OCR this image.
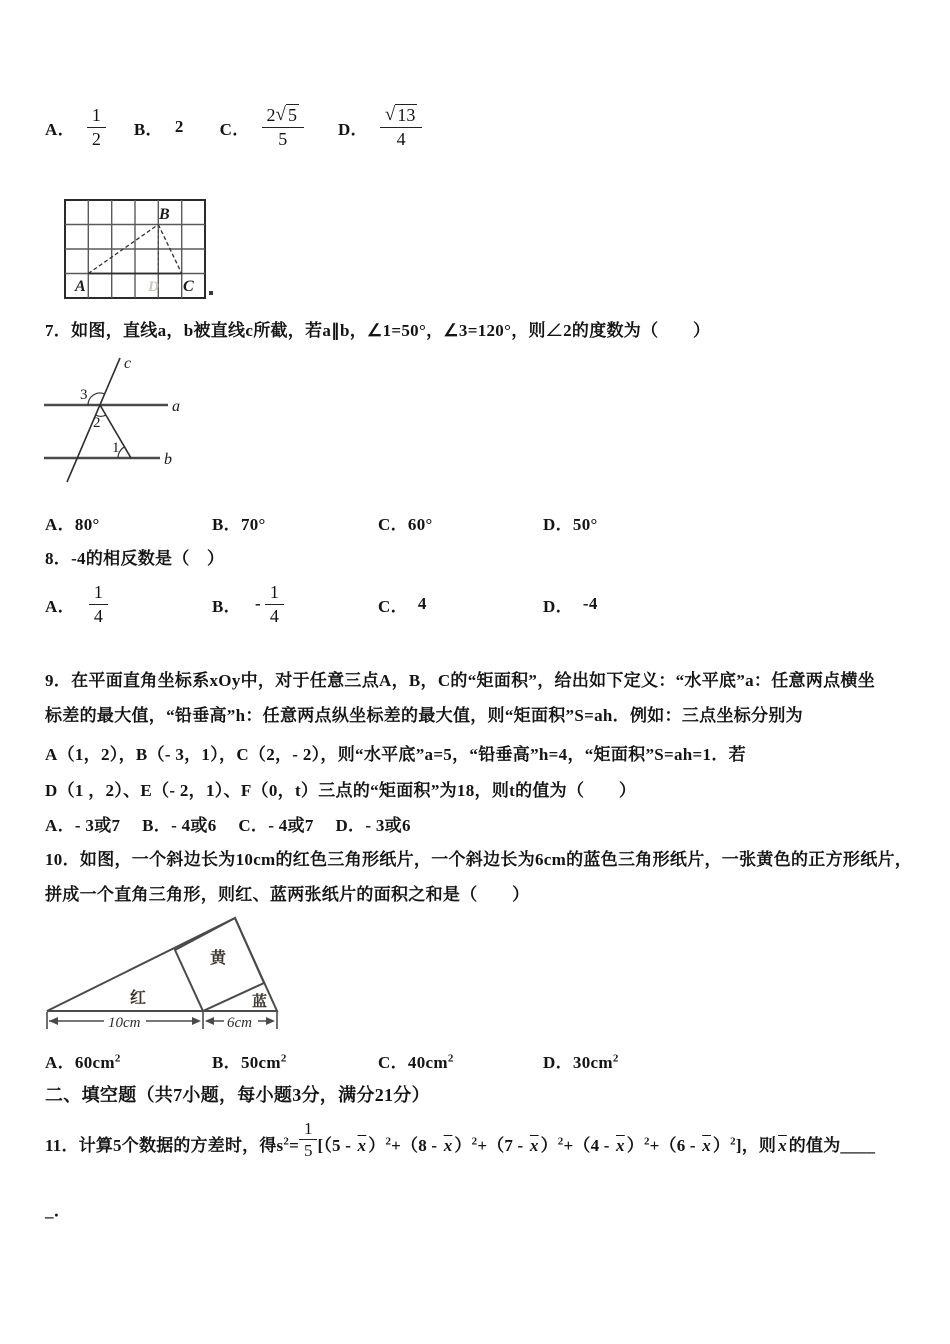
A． $\frac{1}{2}$ B． 2 C． $\frac{2 √ 5}{5}$ D． $\frac{√ 13}{4}$
A
B
C
D
7．如图，直线a，b被直线c所截，若a∥b，∠1=50°，∠3=120°，则∠2的度数为（　　）
c
a
b
3
2
1
A．80°	B．70°	C．60°	D．50°
8．-4的相反数是（　）
A． $\frac{1}{4}$	B． - $\frac{1}{4}$	C． 4	D． -4
9．在平面直角坐标系xOy中，对于任意三点A，B，C的“矩面积”，给出如下定义：“水平底”a：任意两点横坐
标差的最大值，“铅垂高”h：任意两点纵坐标差的最大值，则“矩面积”S=ah．例如：三点坐标分别为
A（1，2），B（- 3，1），C（2，- 2），则“水平底”a=5，“铅垂高”h=4，“矩面积”S=ah=1．若
D（1 ，2）、E（- 2，1）、F（0，t）三点的“矩面积”为18，则t的值为（　　）
A．- 3或7　 B．- 4或6　 C．- 4或7　 D．- 3或6
10．如图，一个斜边长为10cm的红色三角形纸片，一个斜边长为6cm的蓝色三角形纸片，一张黄色的正方形纸片，
拼成一个直角三角形，则红、蓝两张纸片的面积之和是（　　）
红
黄
蓝
10cm	6cm
A．$60cm^2$	B．$50cm^2$	C．$40cm^2$	D．$30cm^2$
二、填空题（共7小题，每小题3分，满分21分）
11．计算5个数据的方差时，得$s^2= \frac{1}{5} [(5 - \overline{x}$ ）$^2+(8 - \overline{x}$ ）$^2+(7 - \overline{x}$ ）$^2+(4 - \overline{x}$ ）$^2+(6 - \overline{x}$ ）$^2$]，则 $\overline{x}$ 的值为____
_．
